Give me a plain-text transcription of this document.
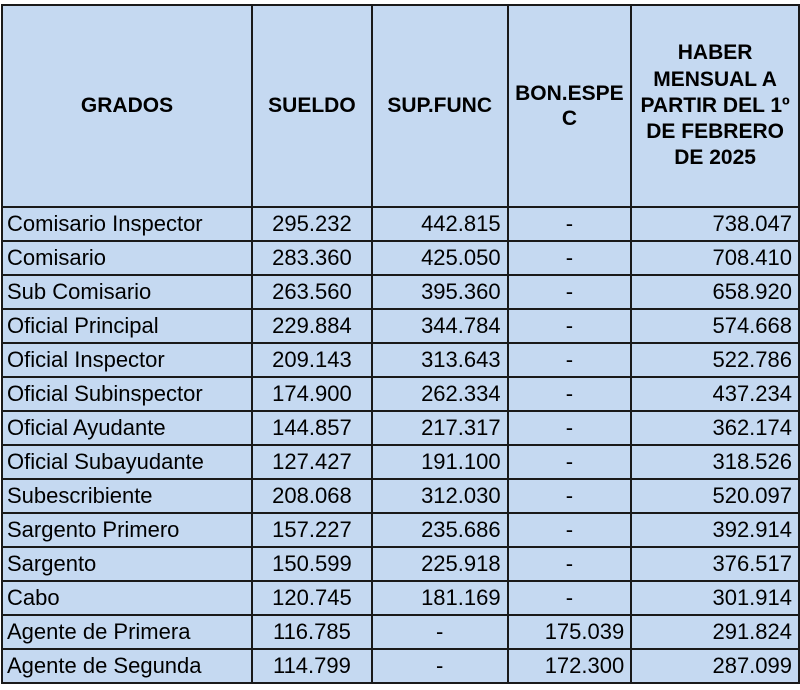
GRADOS	SUELDO	SUP.FUNC	BON.ESPE C	HABER MENSUAL A PARTIR DEL 1º DE FEBRERO DE 2025
Comisario Inspector	295.232	442.815	-	738.047
Comisario	283.360	425.050	-	708.410
Sub Comisario	263.560	395.360	-	658.920
Oficial Principal	229.884	344.784	-	574.668
Oficial Inspector	209.143	313.643	-	522.786
Oficial Subinspector	174.900	262.334	-	437.234
Oficial Ayudante	144.857	217.317	-	362.174
Oficial Subayudante	127.427	191.100	-	318.526
Subescribiente	208.068	312.030	-	520.097
Sargento Primero	157.227	235.686	-	392.914
Sargento	150.599	225.918	-	376.517
Cabo	120.745	181.169	-	301.914
Agente de Primera	116.785	-	175.039	291.824
Agente de Segunda	114.799	-	172.300	287.099
